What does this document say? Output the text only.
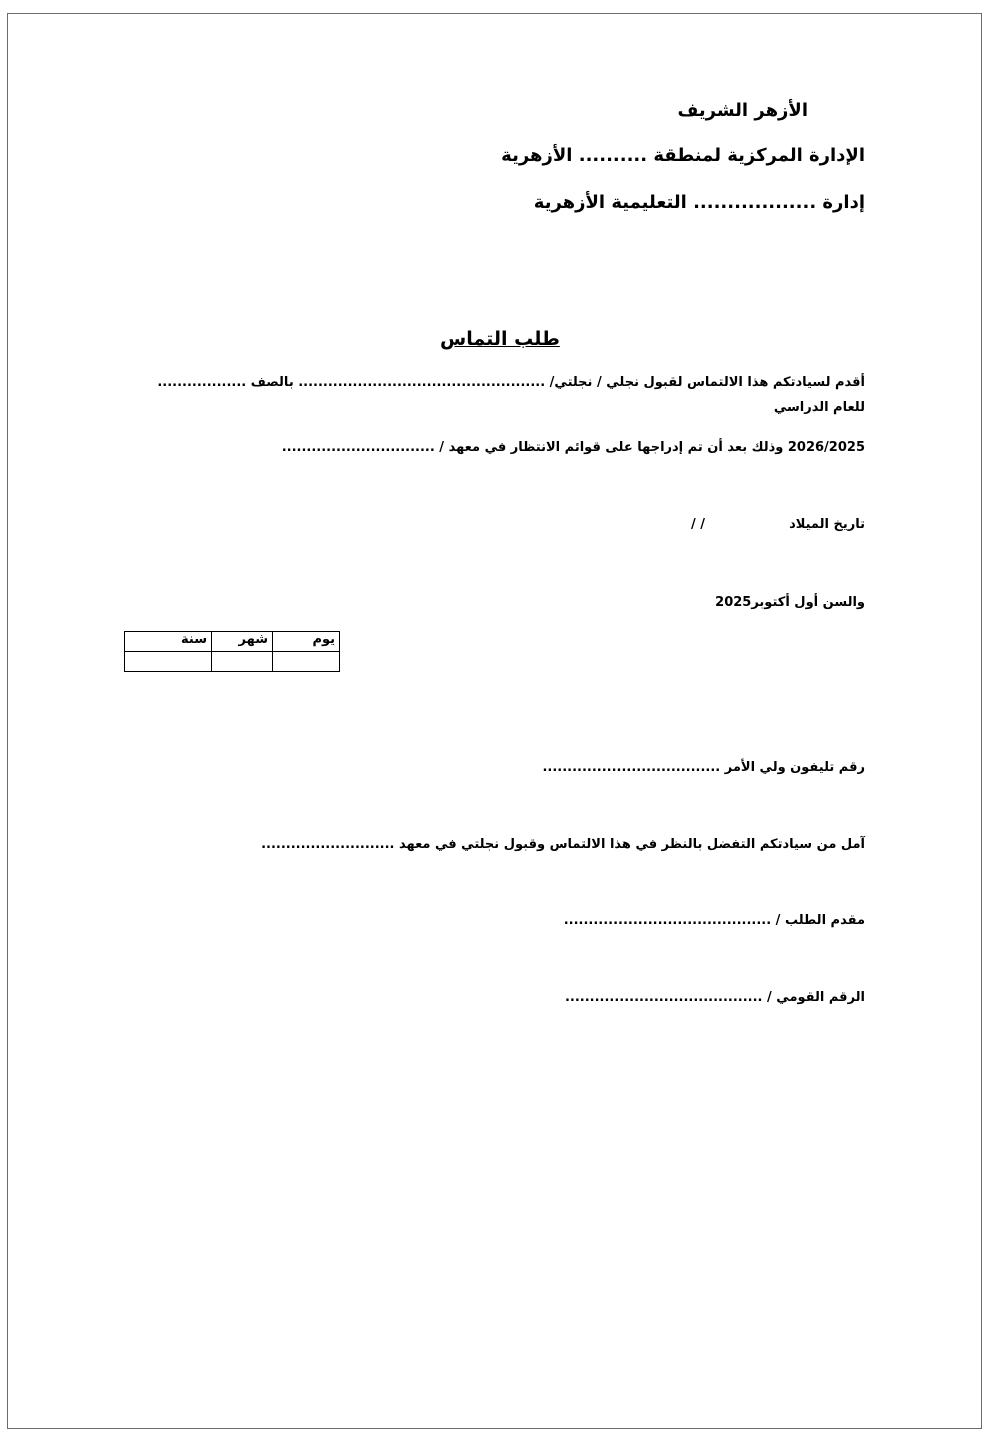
الأزهر الشريف
الإدارة المركزية لمنطقة .......... الأزهرية
إدارة .................. التعليمية الأزهرية
طلب التماس
أقدم لسيادتكم هذا الالتماس لقبول نجلي / نجلتي/ .................................................. بالصف ..................
للعام الدراسي
2026/2025 وذلك بعد أن تم إدراجها على قوائم الانتظار في معهد / ...............................
تاريخ الميلاد
/ /
والسن أول أكتوبر2025
يوم	شهر	سنة

رقم تليفون ولي الأمر ....................................
آمل من سيادتكم التفضل بالنظر في هذا الالتماس وقبول نجلتي في معهد ...........................
مقدم الطلب / ..........................................
الرقم القومي / ........................................
